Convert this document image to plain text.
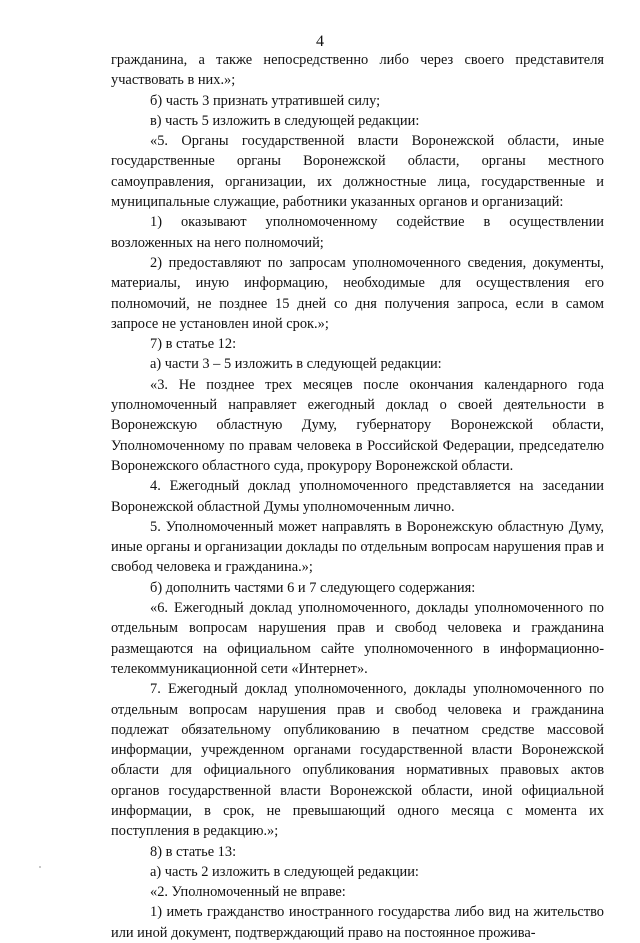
4

гражданина, а также непосредственно либо через своего представителя участвовать в них.»;

б) часть 3 признать утратившей силу;

в) часть 5 изложить в следующей редакции:

«5. Органы государственной власти Воронежской области, иные государственные органы Воронежской области, органы местного самоуправления, организации, их должностные лица, государственные и муниципальные служащие, работники указанных органов и организаций:

1) оказывают уполномоченному содействие в осуществлении возложенных на него полномочий;

2) предоставляют по запросам уполномоченного сведения, документы, материалы, иную информацию, необходимые для осуществления его полномочий, не позднее 15 дней со дня получения запроса, если в самом запросе не установлен иной срок.»;

7) в статье 12:

а) части 3 – 5 изложить в следующей редакции:

«3. Не позднее трех месяцев после окончания календарного года уполномоченный направляет ежегодный доклад о своей деятельности в Воронежскую областную Думу, губернатору Воронежской области, Уполномоченному по правам человека в Российской Федерации, председателю Воронежского областного суда, прокурору Воронежской области.

4. Ежегодный доклад уполномоченного представляется на заседании Воронежской областной Думы уполномоченным лично.

5. Уполномоченный может направлять в Воронежскую областную Думу, иные органы и организации доклады по отдельным вопросам нарушения прав и свобод человека и гражданина.»;

б) дополнить частями 6 и 7 следующего содержания:

«6. Ежегодный доклад уполномоченного, доклады уполномоченного по отдельным вопросам нарушения прав и свобод человека и гражданина размещаются на официальном сайте уполномоченного в информационно-телекоммуникационной сети «Интернет».

7. Ежегодный доклад уполномоченного, доклады уполномоченного по отдельным вопросам нарушения прав и свобод человека и гражданина подлежат обязательному опубликованию в печатном средстве массовой информации, учрежденном органами государственной власти Воронежской области для официального опубликования нормативных правовых актов органов государственной власти Воронежской области, иной официальной информации, в срок, не превышающий одного месяца с момента их поступления в редакцию.»;

8) в статье 13:

а) часть 2 изложить в следующей редакции:

«2. Уполномоченный не вправе:

1) иметь гражданство иностранного государства либо вид на жительство или иной документ, подтверждающий право на постоянное прожива-
